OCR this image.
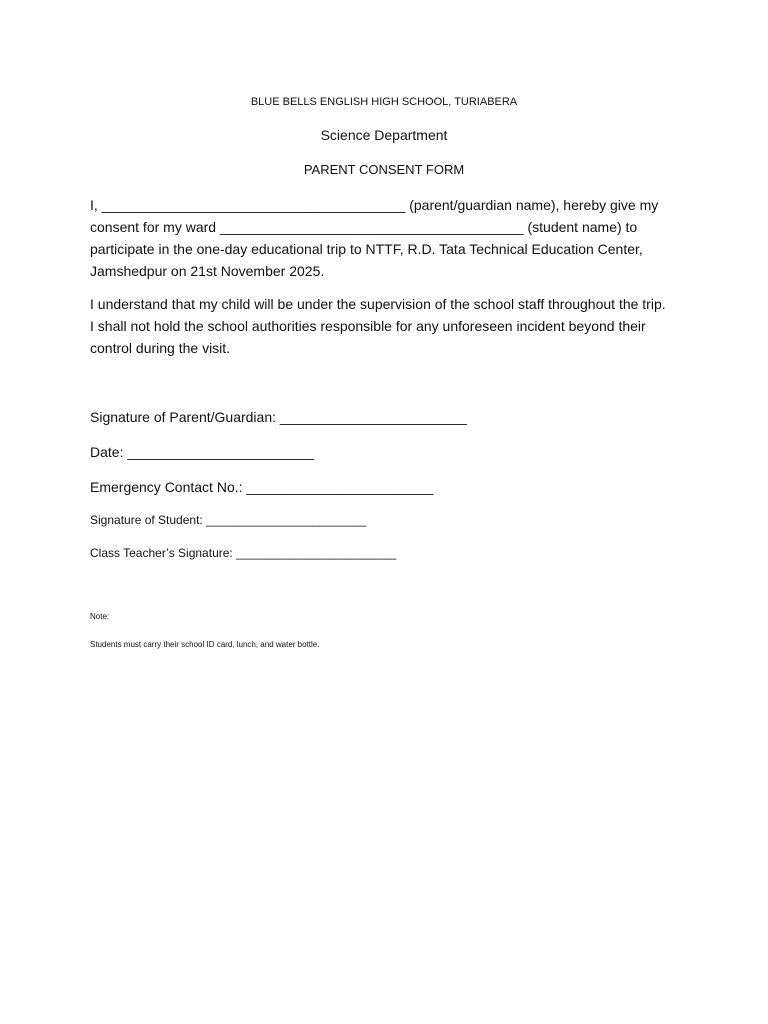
BLUE BELLS ENGLISH HIGH SCHOOL, TURIABERA
Science Department
PARENT CONSENT FORM

I, _______________________________________ (parent/guardian name), hereby give my consent for my ward _______________________________________ (student name) to participate in the one-day educational trip to NTTF, R.D. Tata Technical Education Center, Jamshedpur on 21st November 2025.

I understand that my child will be under the supervision of the school staff throughout the trip. I shall not hold the school authorities responsible for any unforeseen incident beyond their control during the visit.

Signature of Parent/Guardian: ________________________

Date: ________________________

Emergency Contact No.: ________________________

Signature of Student: ________________________

Class Teacher’s Signature: ________________________

Note:

Students must carry their school ID card, lunch, and water bottle.
